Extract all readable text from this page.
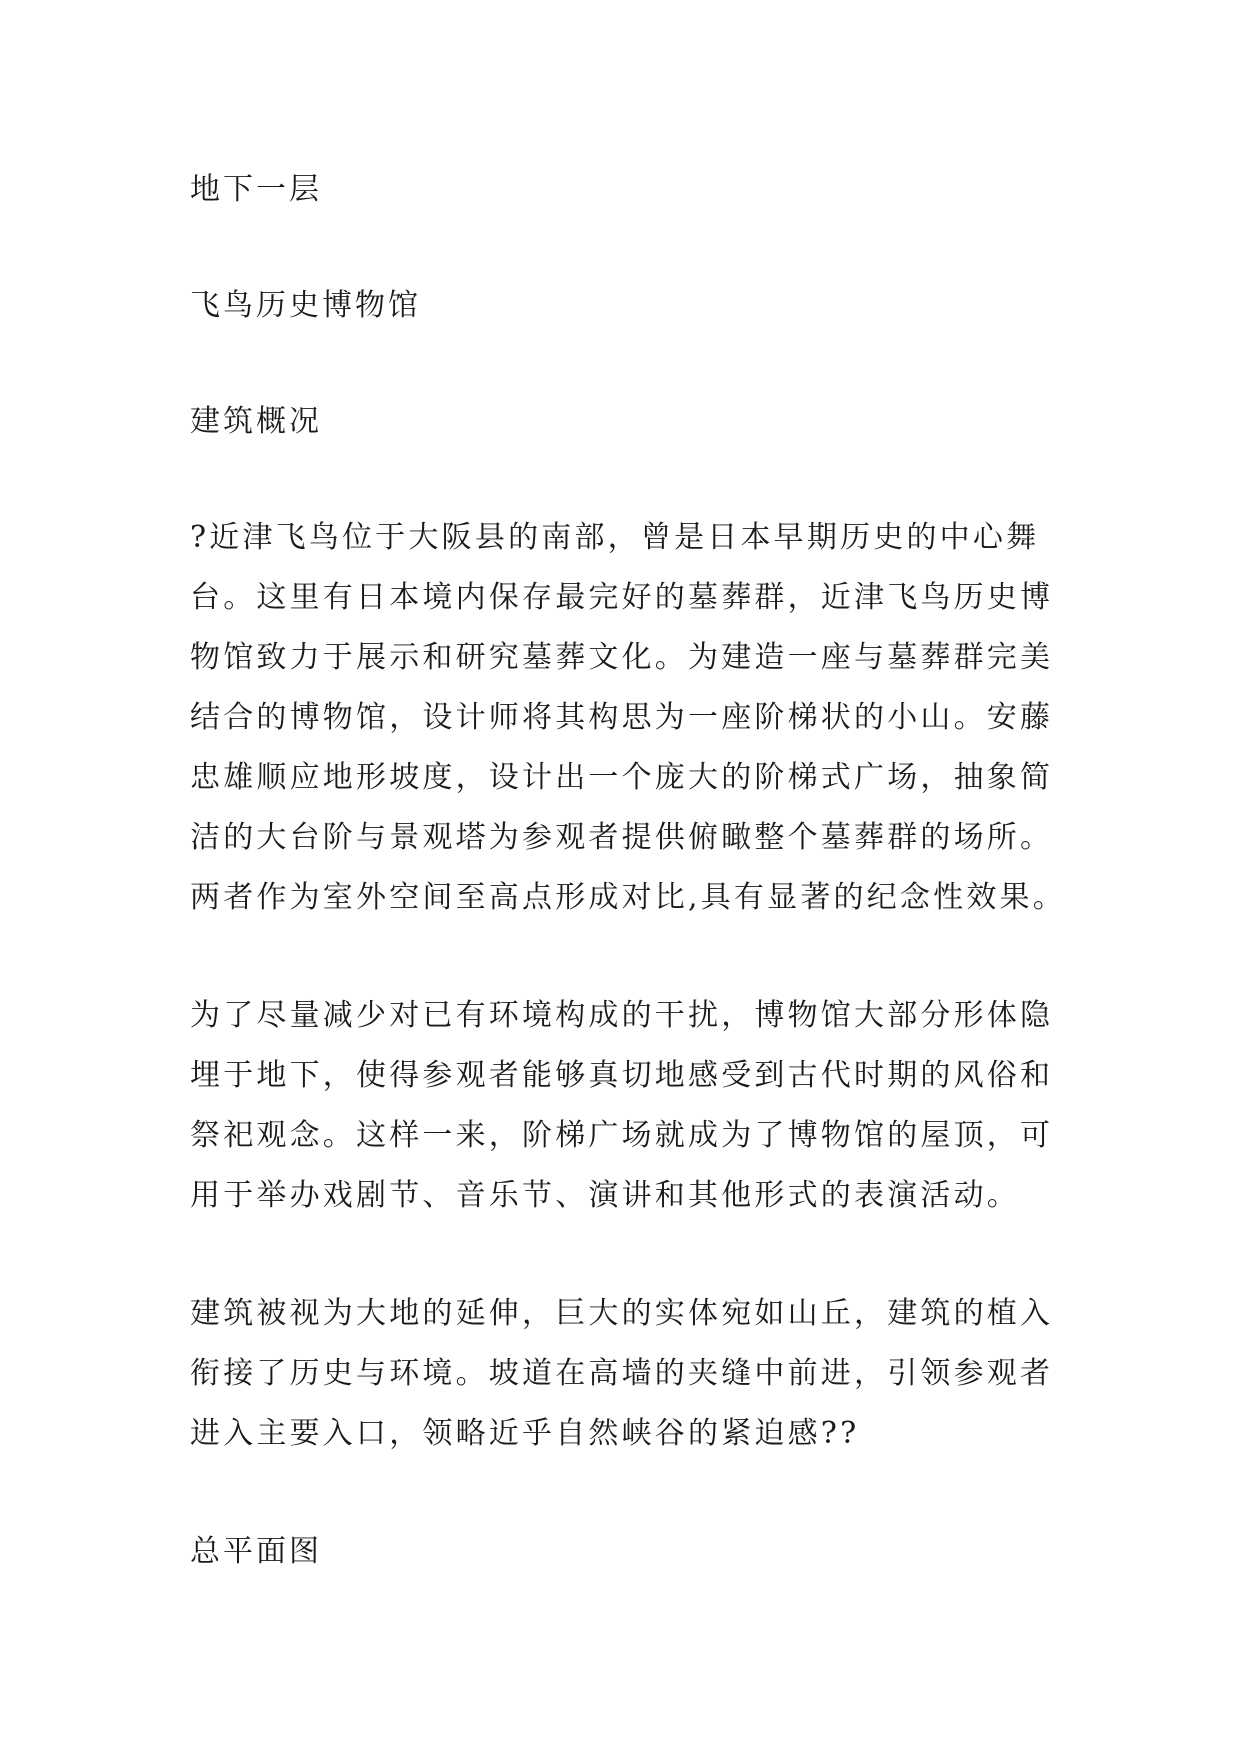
地下一层

飞鸟历史博物馆

建筑概况

?近津飞鸟位于大阪县的南部，曾是日本早期历史的中心舞台。这里有日本境内保存最完好的墓葬群，近津飞鸟历史博物馆致力于展示和研究墓葬文化。为建造一座与墓葬群完美结合的博物馆，设计师将其构思为一座阶梯状的小山。安藤忠雄顺应地形坡度，设计出一个庞大的阶梯式广场，抽象简洁的大台阶与景观塔为参观者提供俯瞰整个墓葬群的场所。两者作为室外空间至高点形成对比,具有显著的纪念性效果。

为了尽量减少对已有环境构成的干扰，博物馆大部分形体隐埋于地下，使得参观者能够真切地感受到古代时期的风俗和祭祀观念。这样一来，阶梯广场就成为了博物馆的屋顶，可用于举办戏剧节、音乐节、演讲和其他形式的表演活动。

建筑被视为大地的延伸，巨大的实体宛如山丘，建筑的植入衔接了历史与环境。坡道在高墙的夹缝中前进，引领参观者进入主要入口，领略近乎自然峡谷的紧迫感??

总平面图
